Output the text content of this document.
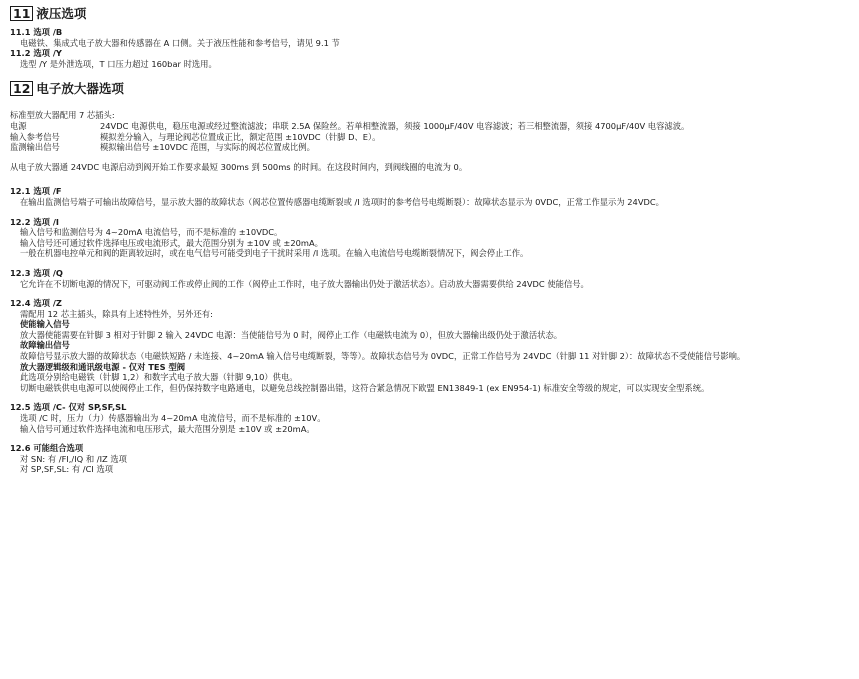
11 液压选项
11.1 选项 /B
电磁铁、集成式电子放大器和传感器在 A 口侧。关于液压性能和参考信号，请见 9.1 节
11.2 选项 /Y
选型 /Y 是外泄选项，T 口压力超过 160bar 时选用。
12 电子放大器选项
标准型放大器配用 7 芯插头:
电源	24VDC 电源供电，稳压电源或经过整流滤波；串联 2.5A 保险丝。若单相整流器，须接 1000μF/40V 电容滤波；若三相整流器，须接 4700μF/40V 电容滤波。
输入参考信号	模拟差分输入，与理论阀芯位置成正比，额定范围 ±10VDC（针脚 D、E）。
监测输出信号	模拟输出信号 ±10VDC 范围，与实际的阀芯位置成比例。
从电子放大器通 24VDC 电源启动到阀开始工作要求最短 300ms 到 500ms 的时间。在这段时间内，到阀线圈的电流为 0。
12.1 选项 /F
在输出监测信号端子可输出故障信号，显示放大器的故障状态（阀芯位置传感器电缆断裂或 /I 选项时的参考信号电缆断裂）：故障状态显示为 0VDC，正常工作显示为 24VDC。
12.2 选项 /I
输入信号和监测信号为 4~20mA 电流信号，而不是标准的 ±10VDC。
输入信号还可通过软件选择电压或电流形式，最大范围分别为 ±10V 或 ±20mA。
一般在机器电控单元和阀的距离较远时，或在电气信号可能受到电子干扰时采用 /I 选项。在输入电流信号电缆断裂情况下，阀会停止工作。
12.3 选项 /Q
它允许在不切断电源的情况下，可驱动阀工作或停止阀的工作（阀停止工作时，电子放大器输出仍处于激活状态）。启动放大器需要供给 24VDC 使能信号。
12.4 选项 /Z
需配用 12 芯主插头，除具有上述特性外，另外还有:
使能输入信号
放大器使能需要在针脚 3 相对于针脚 2 输入 24VDC 电源：当使能信号为 0 时，阀停止工作（电磁铁电流为 0），但放大器输出级仍处于激活状态。
故障输出信号
故障信号显示放大器的故障状态（电磁铁短路 / 未连接、4~20mA 输入信号电缆断裂，等等）。故障状态信号为 0VDC，正常工作信号为 24VDC（针脚 11 对针脚 2）：故障状态不受使能信号影响。
放大器逻辑级和通讯级电源 - 仅对 TES 型阀
此选项分别给电磁铁（针脚 1,2）和数字式电子放大器（针脚 9,10）供电。
切断电磁铁供电电源可以使阀停止工作，但仍保持数字电路通电，以避免总线控制器出错，这符合紧急情况下欧盟 EN13849-1 (ex EN954-1) 标准安全等级的规定，可以实现安全型系统。
12.5 选项 /C- 仅对 SP,SF,SL
选项 /C 时，压力（力）传感器输出为 4~20mA 电流信号，而不是标准的 ±10V。
输入信号可通过软件选择电流和电压形式，最大范围分别是 ±10V 或 ±20mA。
12.6 可能组合选项
对 SN: 有 /FI,/IQ 和 /IZ 选项
对 SP,SF,SL: 有 /CI 选项
